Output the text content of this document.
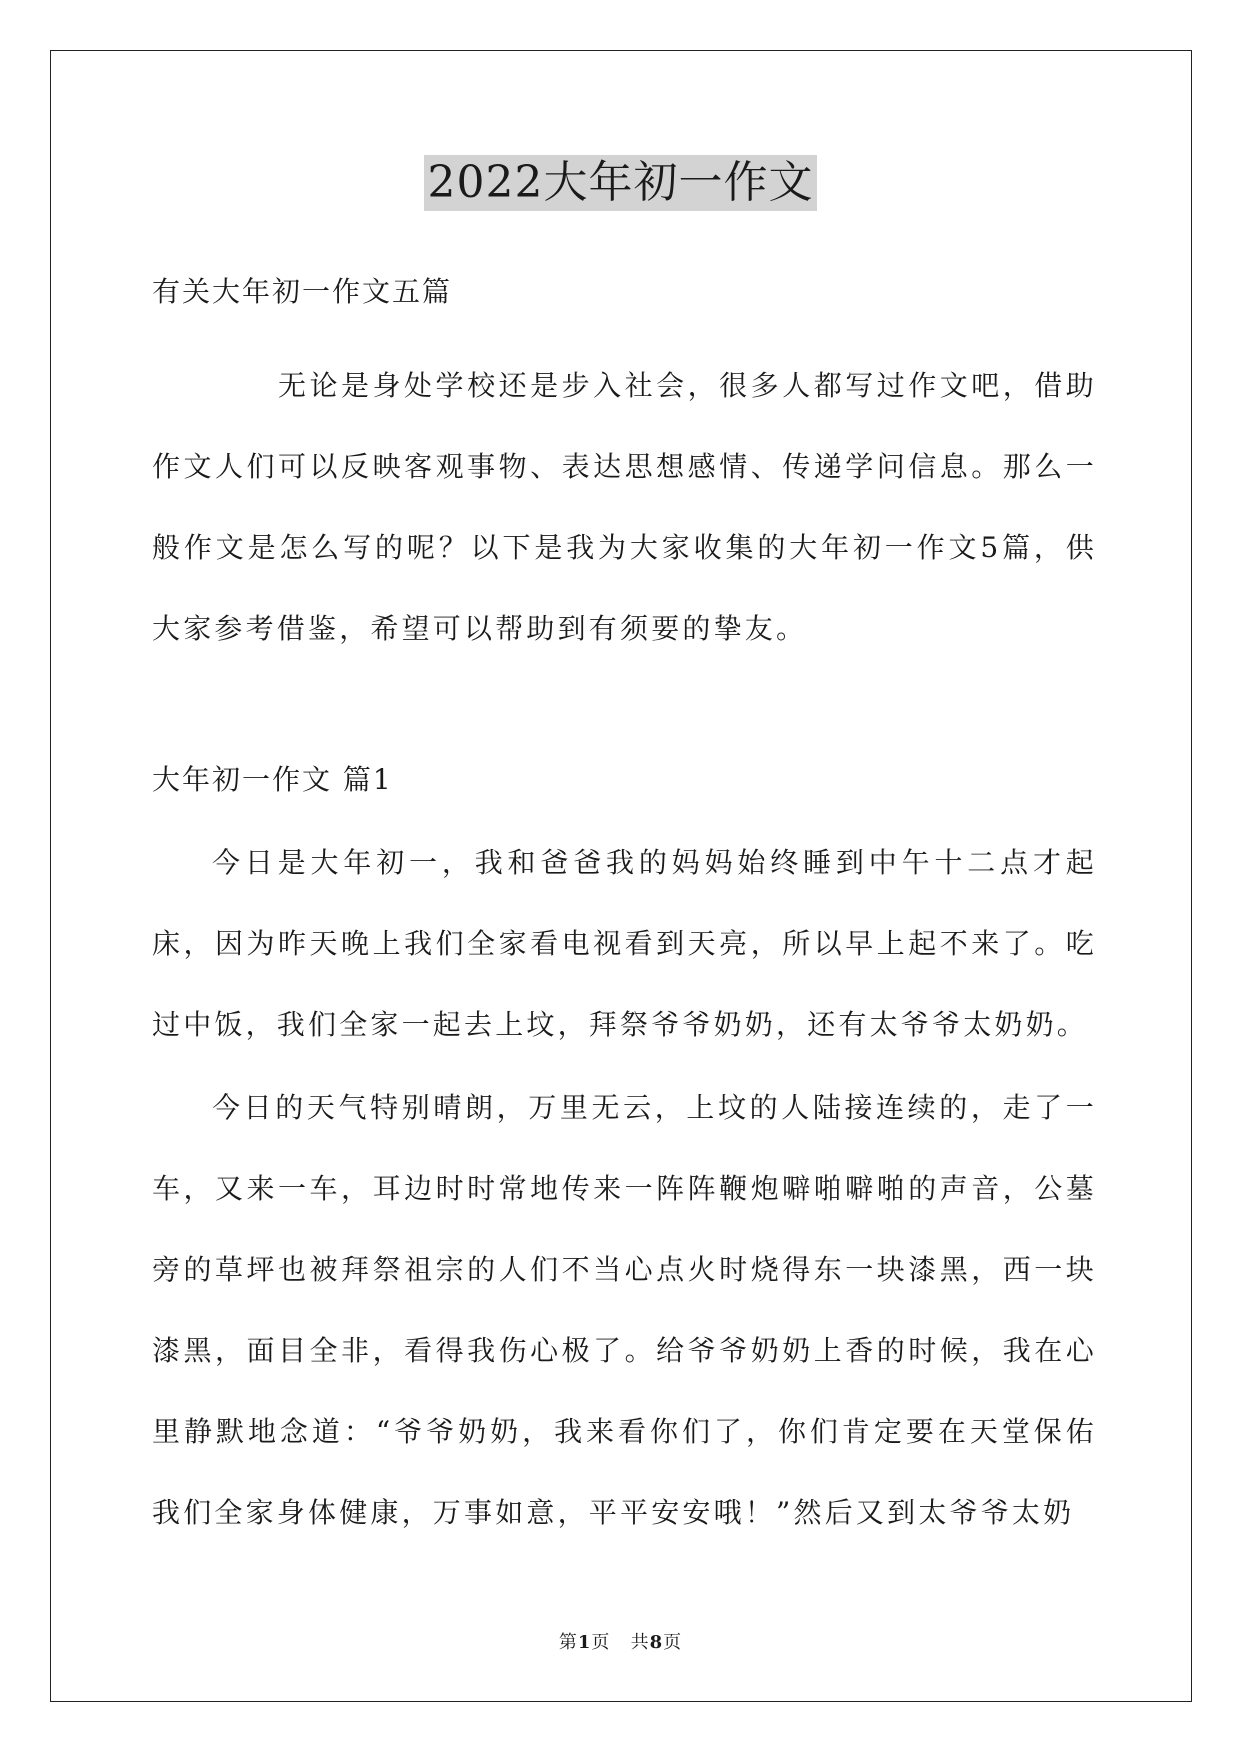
2022大年初一作文
有关大年初一作文五篇

无论是身处学校还是步入社会，很多人都写过作文吧，借助作文人们可以反映客观事物、表达思想感情、传递学问信息。那么一般作文是怎么写的呢？以下是我为大家收集的大年初一作文5篇，供大家参考借鉴，希望可以帮助到有须要的挚友。

大年初一作文 篇1

今日是大年初一，我和爸爸我的妈妈始终睡到中午十二点才起床，因为昨天晚上我们全家看电视看到天亮，所以早上起不来了。吃过中饭，我们全家一起去上坟，拜祭爷爷奶奶，还有太爷爷太奶奶。

今日的天气特别晴朗，万里无云，上坟的人陆接连续的，走了一车，又来一车，耳边时时常地传来一阵阵鞭炮噼啪噼啪的声音，公墓旁的草坪也被拜祭祖宗的人们不当心点火时烧得东一块漆黑，西一块漆黑，面目全非，看得我伤心极了。给爷爷奶奶上香的时候，我在心里静默地念道：“爷爷奶奶，我来看你们了，你们肯定要在天堂保佑我们全家身体健康，万事如意，平平安安哦！”然后又到太爷爷太奶

第1页 共8页
